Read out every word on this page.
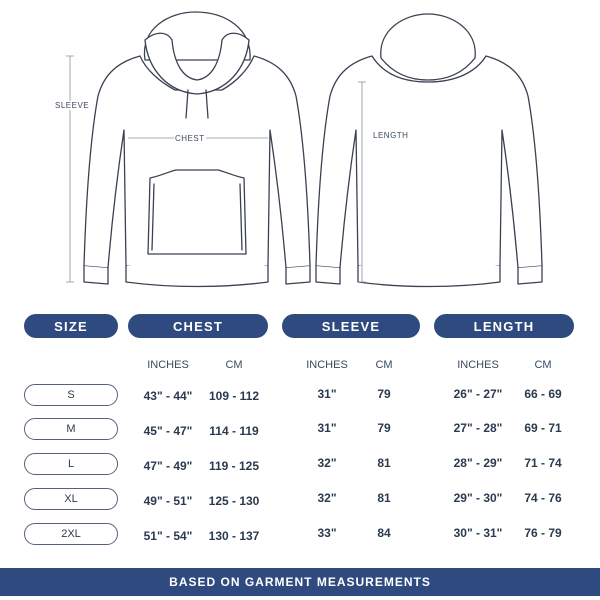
SLEEVE
CHEST	LENGTH
SIZE	CHEST	SLEEVE	LENGTH
INCHES	CM	INCHES	CM	INCHES	CM
S	43" - 44"	109 - 112	31"	79	26" - 27"	66 - 69
M	45" - 47"	114 - 119	31"	79	27" - 28"	69 - 71
L	47" - 49"	119 - 125	32"	81	28" - 29"	71 - 74
XL	49" - 51"	125 - 130	32"	81	29" - 30"	74 - 76
2XL	51" - 54"	130 - 137	33"	84	30" - 31"	76 - 79
BASED ON GARMENT MEASUREMENTS
